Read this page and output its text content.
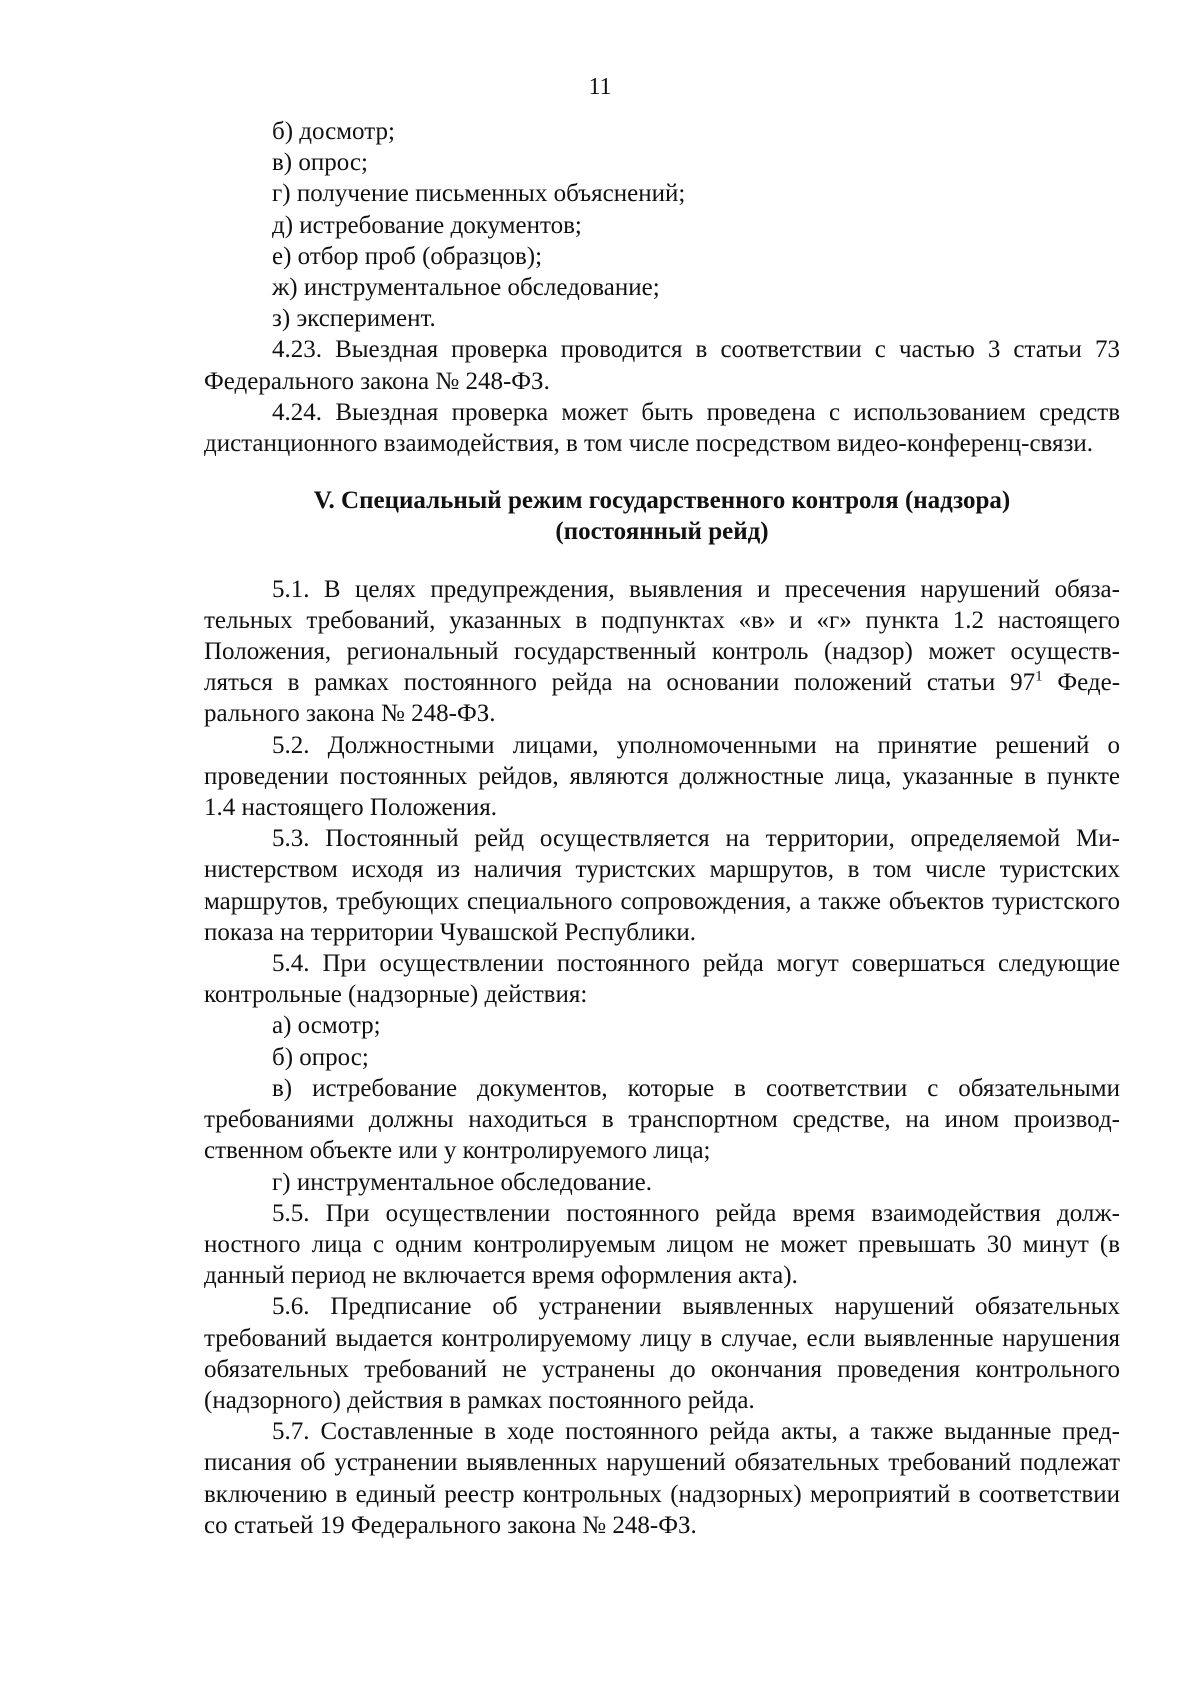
11

б) досмотр;

в) опрос;

г) получение письменных объяснений;

д) истребование документов;

е) отбор проб (образцов);

ж) инструментальное обследование;

з) эксперимент.

4.23. Выездная проверка проводится в соответствии с частью 3 статьи 73 Федерального закона № 248-ФЗ.

4.24. Выездная проверка может быть проведена с использованием средств дистанционного взаимодействия, в том числе посредством видео-конференц-связи.

V. Специальный режим государственного контроля (надзора)
(постоянный рейд)

5.1. В целях предупреждения, выявления и пресечения нарушений обязательных требований, указанных в подпунктах «в» и «г» пункта 1.2 настоящего Положения, региональный государственный контроль (надзор) может осуществляться в рамках постоянного рейда на основании положений статьи $97^1$ Федерального закона № 248-ФЗ.

5.2. Должностными лицами, уполномоченными на принятие решений о проведении постоянных рейдов, являются должностные лица, указанные в пункте 1.4 настоящего Положения.

5.3. Постоянный рейд осуществляется на территории, определяемой Министерством исходя из наличия туристских маршрутов, в том числе туристских маршрутов, требующих специального сопровождения, а также объектов туристского показа на территории Чувашской Республики.

5.4. При осуществлении постоянного рейда могут совершаться следующие контрольные (надзорные) действия:

а) осмотр;

б) опрос;

в) истребование документов, которые в соответствии с обязательными требованиями должны находиться в транспортном средстве, на ином производственном объекте или у контролируемого лица;

г) инструментальное обследование.

5.5. При осуществлении постоянного рейда время взаимодействия должностного лица с одним контролируемым лицом не может превышать 30 минут (в данный период не включается время оформления акта).

5.6. Предписание об устранении выявленных нарушений обязательных требований выдается контролируемому лицу в случае, если выявленные нарушения обязательных требований не устранены до окончания проведения контрольного (надзорного) действия в рамках постоянного рейда.

5.7. Составленные в ходе постоянного рейда акты, а также выданные предписания об устранении выявленных нарушений обязательных требований подлежат включению в единый реестр контрольных (надзорных) мероприятий в соответствии со статьей 19 Федерального закона № 248-ФЗ.
